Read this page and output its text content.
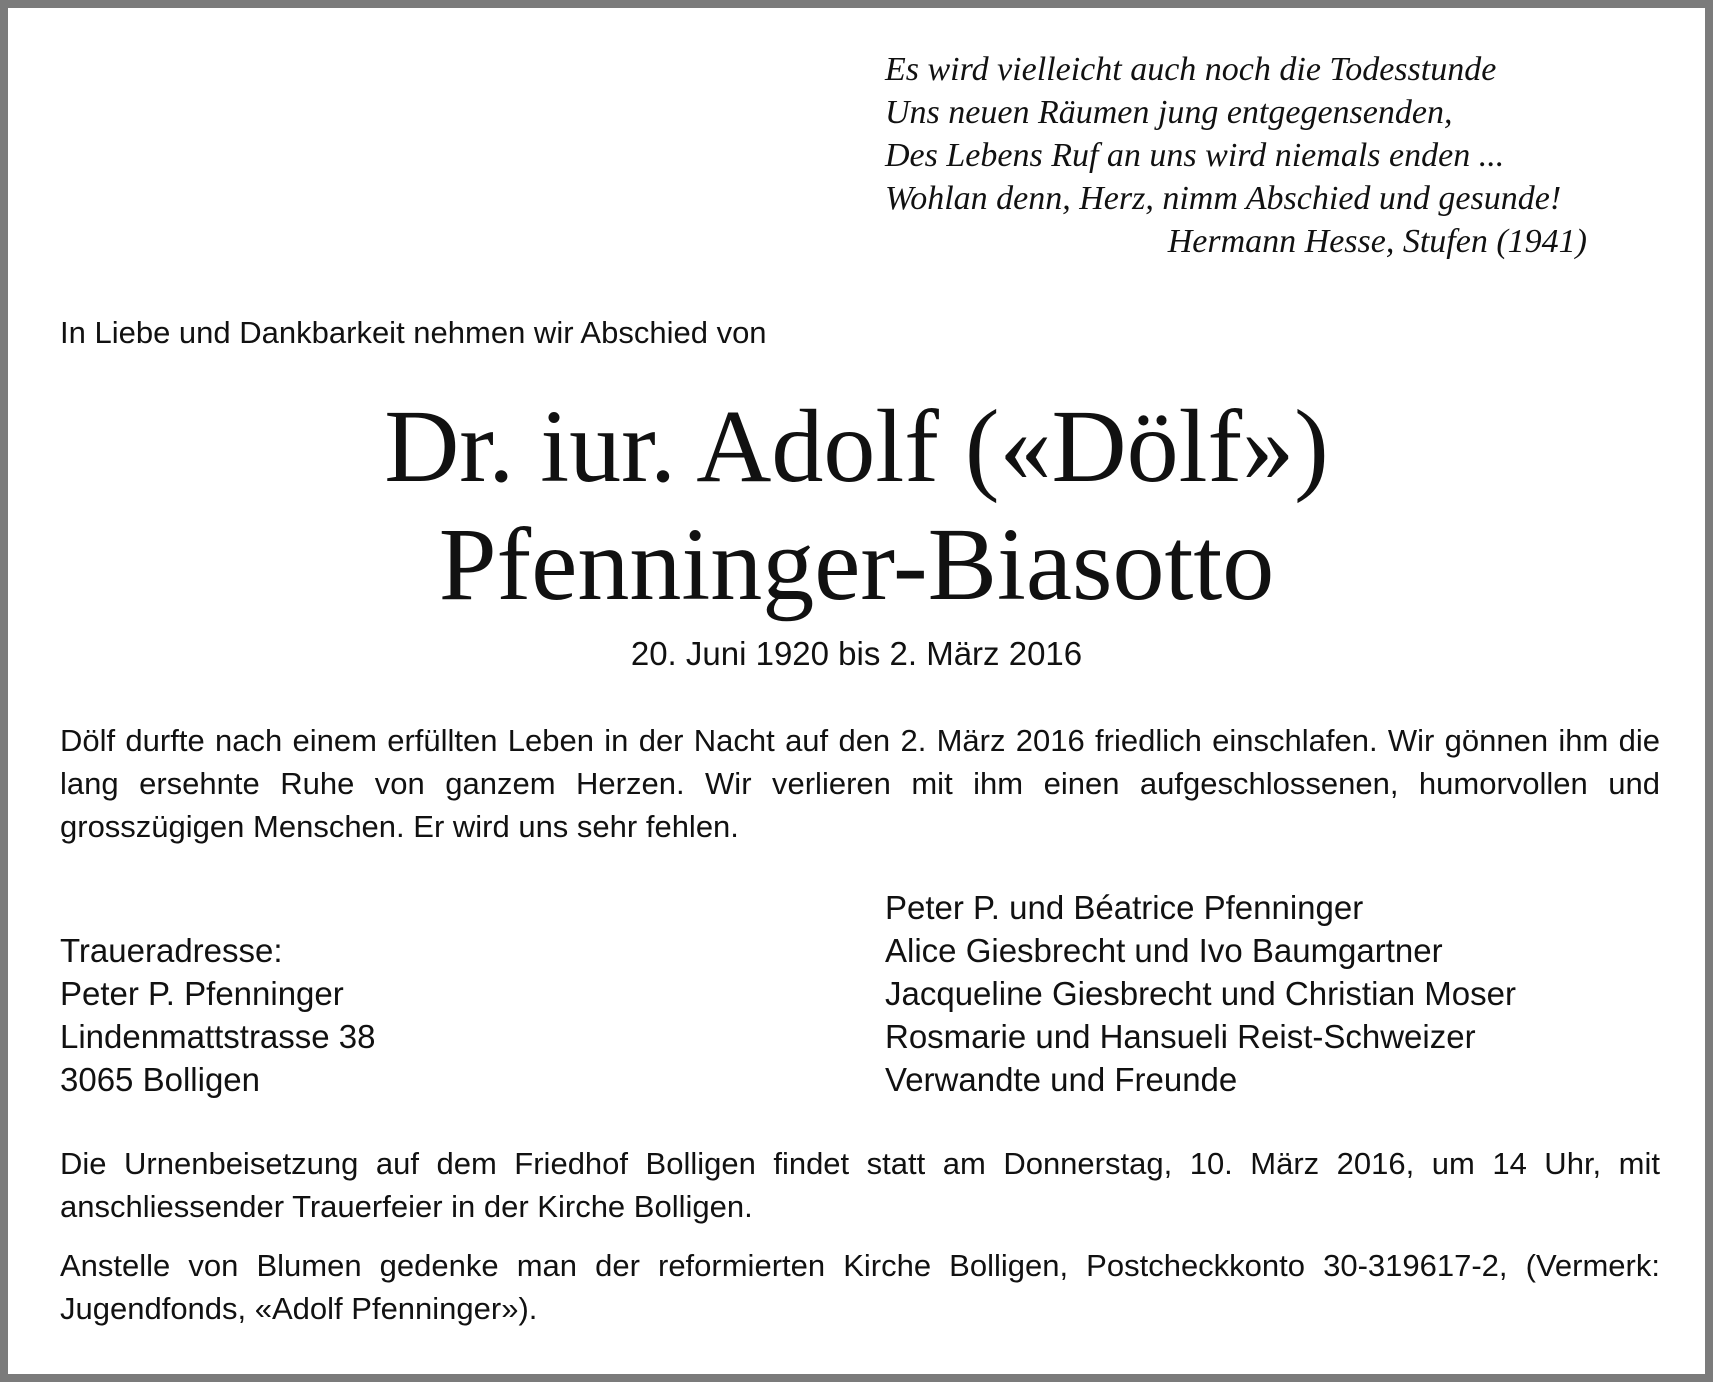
Es wird vielleicht auch noch die Todesstunde
Uns neuen Räumen jung entgegensenden,
Des Lebens Ruf an uns wird niemals enden ...
Wohlan denn, Herz, nimm Abschied und gesunde!
Hermann Hesse, Stufen (1941)
In Liebe und Dankbarkeit nehmen wir Abschied von
Dr. iur. Adolf («Dölf»)
Pfenninger-Biasotto
20. Juni 1920 bis 2. März 2016
Dölf durfte nach einem erfüllten Leben in der Nacht auf den 2. März 2016 friedlich einschlafen. Wir gönnen ihm die lang ersehnte Ruhe von ganzem Herzen. Wir verlieren mit ihm einen aufgeschlossenen, humorvollen und grosszügigen Menschen. Er wird uns sehr fehlen.
Traueradresse:
Peter P. Pfenninger
Lindenmattstrasse 38
3065 Bolligen
Peter P. und Béatrice Pfenninger
Alice Giesbrecht und Ivo Baumgartner
Jacqueline Giesbrecht und Christian Moser
Rosmarie und Hansueli Reist-Schweizer
Verwandte und Freunde
Die Urnenbeisetzung auf dem Friedhof Bolligen findet statt am Donnerstag, 10. März 2016, um 14 Uhr, mit anschliessender Trauerfeier in der Kirche Bolligen.
Anstelle von Blumen gedenke man der reformierten Kirche Bolligen, Postcheckkonto 30-319617-2, (Vermerk: Jugendfonds, «Adolf Pfenninger»).
